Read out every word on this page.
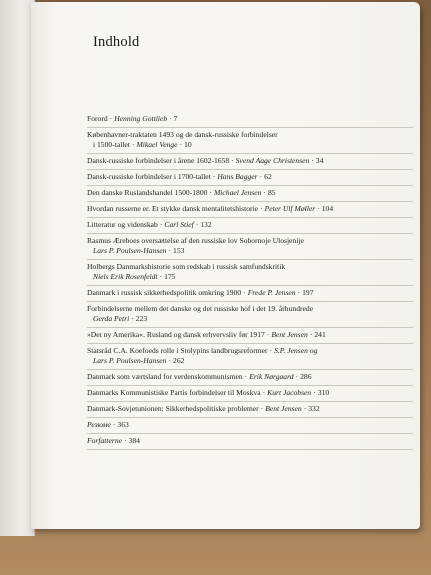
Indhold
Forord · Henning Gottlieb · 7
Københavner-traktaten 1493 og de dansk-russiske forbindelser
i 1500-tallet · Mikael Venge · 10
Dansk-russiske forbindelser i årene 1602-1658 · Svend Aage Christensen · 34
Dansk-russiske forbindelser i 1700-tallet · Hans Bagger · 62
Den danske Ruslandshandel 1500-1800 · Michael Jensen · 85
Hvordan russerne er. Et stykke dansk mentalitetshistorie · Peter Ulf Møller · 104
Litteratur og videnskab · Carl Stief · 132
Rasmus Æreboes oversættelse af den russiske lov Sobornoje Ulosjenije
Lars P. Poulsen-Hansen · 153
Holbergs Danmarkshistorie som redskab i russisk samfundskritik
Niels Erik Rosenfeldt · 175
Danmark i russisk sikkerhedspolitik omkring 1900 · Frede P. Jensen · 197
Forbindelserne mellem det danske og det russiske hof i det 19. århundrede
Gerda Petri · 223
»Det ny Amerika«. Rusland og dansk erhvervsliv før 1917 · Bent Jensen · 241
Statsråd C.A. Koefoeds rolle i Stolypins landbrugsreformer · S.P. Jensen og
Lars P. Poulsen-Hansen · 262
Danmark som værtsland for verdenskommunismen · Erik Nørgaard · 286
Danmarks Kommunistiske Partis forbindelser til Moskva · Kurt Jacobsen · 310
Danmark-Sovjetunionen: Sikkerhedspolitiske problemer · Bent Jensen · 332
Резюме · 363
Forfatterne · 384
